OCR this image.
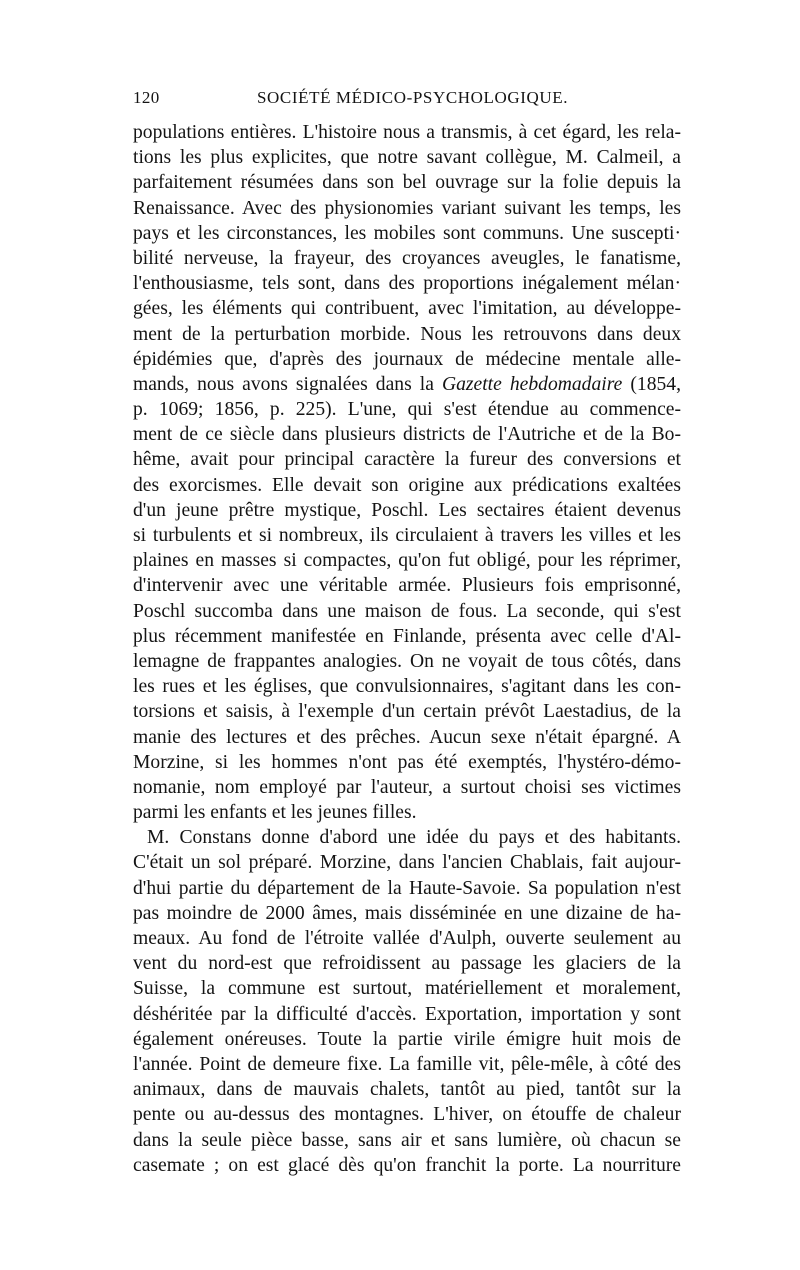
120	SOCIÉTÉ MÉDICO-PSYCHOLOGIQUE.
populations entières. L'histoire nous a transmis, à cet égard, les rela-
tions les plus explicites, que notre savant collègue, M. Calmeil, a
parfaitement résumées dans son bel ouvrage sur la folie depuis la
Renaissance. Avec des physionomies variant suivant les temps, les
pays et les circonstances, les mobiles sont communs. Une suscepti·
bilité nerveuse, la frayeur, des croyances aveugles, le fanatisme,
l'enthousiasme, tels sont, dans des proportions inégalement mélan·
gées, les éléments qui contribuent, avec l'imitation, au développe-
ment de la perturbation morbide. Nous les retrouvons dans deux
épidémies que, d'après des journaux de médecine mentale alle-
mands, nous avons signalées dans la Gazette hebdomadaire (1854,
p. 1069; 1856, p. 225). L'une, qui s'est étendue au commence-
ment de ce siècle dans plusieurs districts de l'Autriche et de la Bo-
hême, avait pour principal caractère la fureur des conversions et
des exorcismes. Elle devait son origine aux prédications exaltées
d'un jeune prêtre mystique, Poschl. Les sectaires étaient devenus
si turbulents et si nombreux, ils circulaient à travers les villes et les
plaines en masses si compactes, qu'on fut obligé, pour les réprimer,
d'intervenir avec une véritable armée. Plusieurs fois emprisonné,
Poschl succomba dans une maison de fous. La seconde, qui s'est
plus récemment manifestée en Finlande, présenta avec celle d'Al-
lemagne de frappantes analogies. On ne voyait de tous côtés, dans
les rues et les églises, que convulsionnaires, s'agitant dans les con-
torsions et saisis, à l'exemple d'un certain prévôt Laestadius, de la
manie des lectures et des prêches. Aucun sexe n'était épargné. A
Morzine, si les hommes n'ont pas été exemptés, l'hystéro-démo-
nomanie, nom employé par l'auteur, a surtout choisi ses victimes
parmi les enfants et les jeunes filles.
M. Constans donne d'abord une idée du pays et des habitants.
C'était un sol préparé. Morzine, dans l'ancien Chablais, fait aujour-
d'hui partie du département de la Haute-Savoie. Sa population n'est
pas moindre de 2000 âmes, mais disséminée en une dizaine de ha-
meaux. Au fond de l'étroite vallée d'Aulph, ouverte seulement au
vent du nord-est que refroidissent au passage les glaciers de la
Suisse, la commune est surtout, matériellement et moralement,
déshéritée par la difficulté d'accès. Exportation, importation y sont
également onéreuses. Toute la partie virile émigre huit mois de
l'année. Point de demeure fixe. La famille vit, pêle-mêle, à côté des
animaux, dans de mauvais chalets, tantôt au pied, tantôt sur la
pente ou au-dessus des montagnes. L'hiver, on étouffe de chaleur
dans la seule pièce basse, sans air et sans lumière, où chacun se
casemate ; on est glacé dès qu'on franchit la porte. La nourriture
